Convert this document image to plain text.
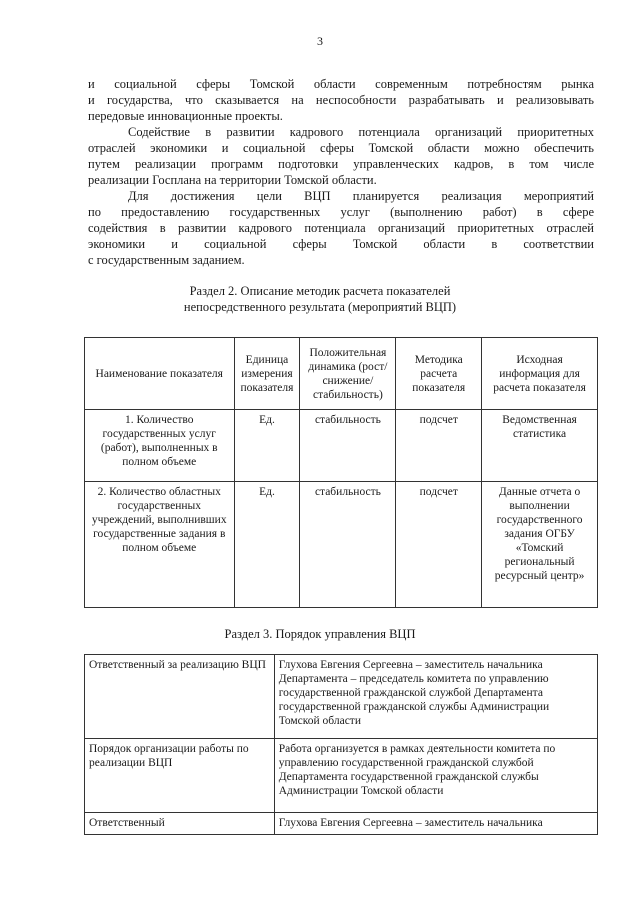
3
и социальной сферы Томской области современным потребностям рынка
и государства, что сказывается на неспособности разрабатывать и реализовывать
передовые инновационные проекты.
Содействие в развитии кадрового потенциала организаций приоритетных
отраслей экономики и социальной сферы Томской области можно обеспечить
путем реализации программ подготовки управленческих кадров, в том числе
реализации Госплана на территории Томской области.
Для достижения цели ВЦП планируется реализация мероприятий
по предоставлению государственных услуг (выполнению работ) в сфере
содействия в развитии кадрового потенциала организаций приоритетных отраслей
экономики и социальной сферы Томской области в соответствии
с государственным заданием.
Раздел 2. Описание методик расчета показателей
непосредственного результата (мероприятий ВЦП)
Наименование показателя	Единица измерения показателя	Положительная динамика (рост/снижение/ стабильность)	Методика расчета показателя	Исходная информация для расчета показателя
1. Количество государственных услуг (работ), выполненных в полном объеме	Ед.	стабильность	подсчет	Ведомственная статистика
2. Количество областных государственных учреждений, выполнивших государственные задания в полном объеме	Ед.	стабильность	подсчет	Данные отчета о выполнении государственного задания ОГБУ «Томский региональный ресурсный центр»
Раздел 3. Порядок управления ВЦП
Ответственный за реализацию ВЦП	Глухова Евгения Сергеевна – заместитель начальника Департамента – председатель комитета по управлению государственной гражданской службой Департамента государственной гражданской службы Администрации Томской области
Порядок организации работы по реализации ВЦП	Работа организуется в рамках деятельности комитета по управлению государственной гражданской службой Департамента государственной гражданской службы Администрации Томской области
Ответственный	Глухова Евгения Сергеевна – заместитель начальника
